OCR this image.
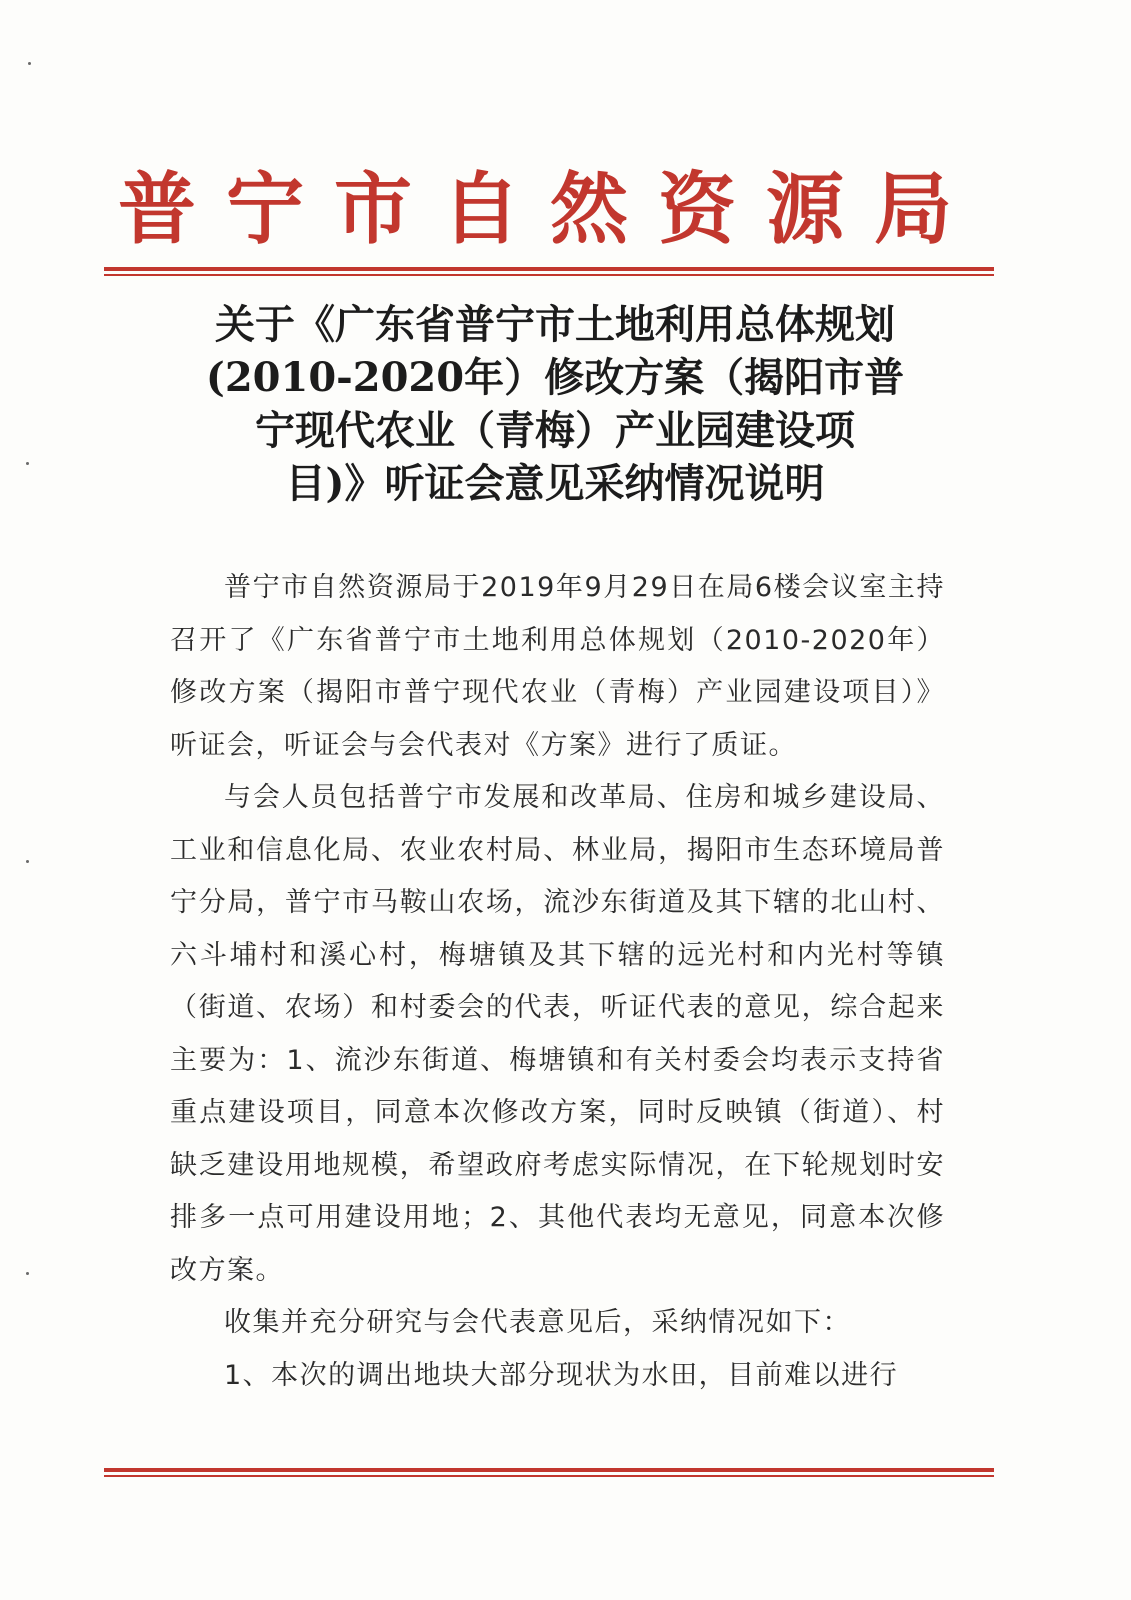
普宁市自然资源局
关于《广东省普宁市土地利用总体规划
(2010-2020年）修改方案（揭阳市普
宁现代农业（青梅）产业园建设项
目)》听证会意见采纳情况说明

普宁市自然资源局于2019年9月29日在局6楼会议室主持召开了《广东省普宁市土地利用总体规划（2010-2020年）修改方案（揭阳市普宁现代农业（青梅）产业园建设项目）》听证会，听证会与会代表对《方案》进行了质证。

与会人员包括普宁市发展和改革局、住房和城乡建设局、工业和信息化局、农业农村局、林业局，揭阳市生态环境局普宁分局，普宁市马鞍山农场，流沙东街道及其下辖的北山村、六斗埔村和溪心村，梅塘镇及其下辖的远光村和内光村等镇（街道、农场）和村委会的代表，听证代表的意见，综合起来主要为：1、流沙东街道、梅塘镇和有关村委会均表示支持省重点建设项目，同意本次修改方案，同时反映镇（街道）、村缺乏建设用地规模，希望政府考虑实际情况，在下轮规划时安排多一点可用建设用地；2、其他代表均无意见，同意本次修改方案。

收集并充分研究与会代表意见后，采纳情况如下：

1、本次的调出地块大部分现状为水田，目前难以进行
